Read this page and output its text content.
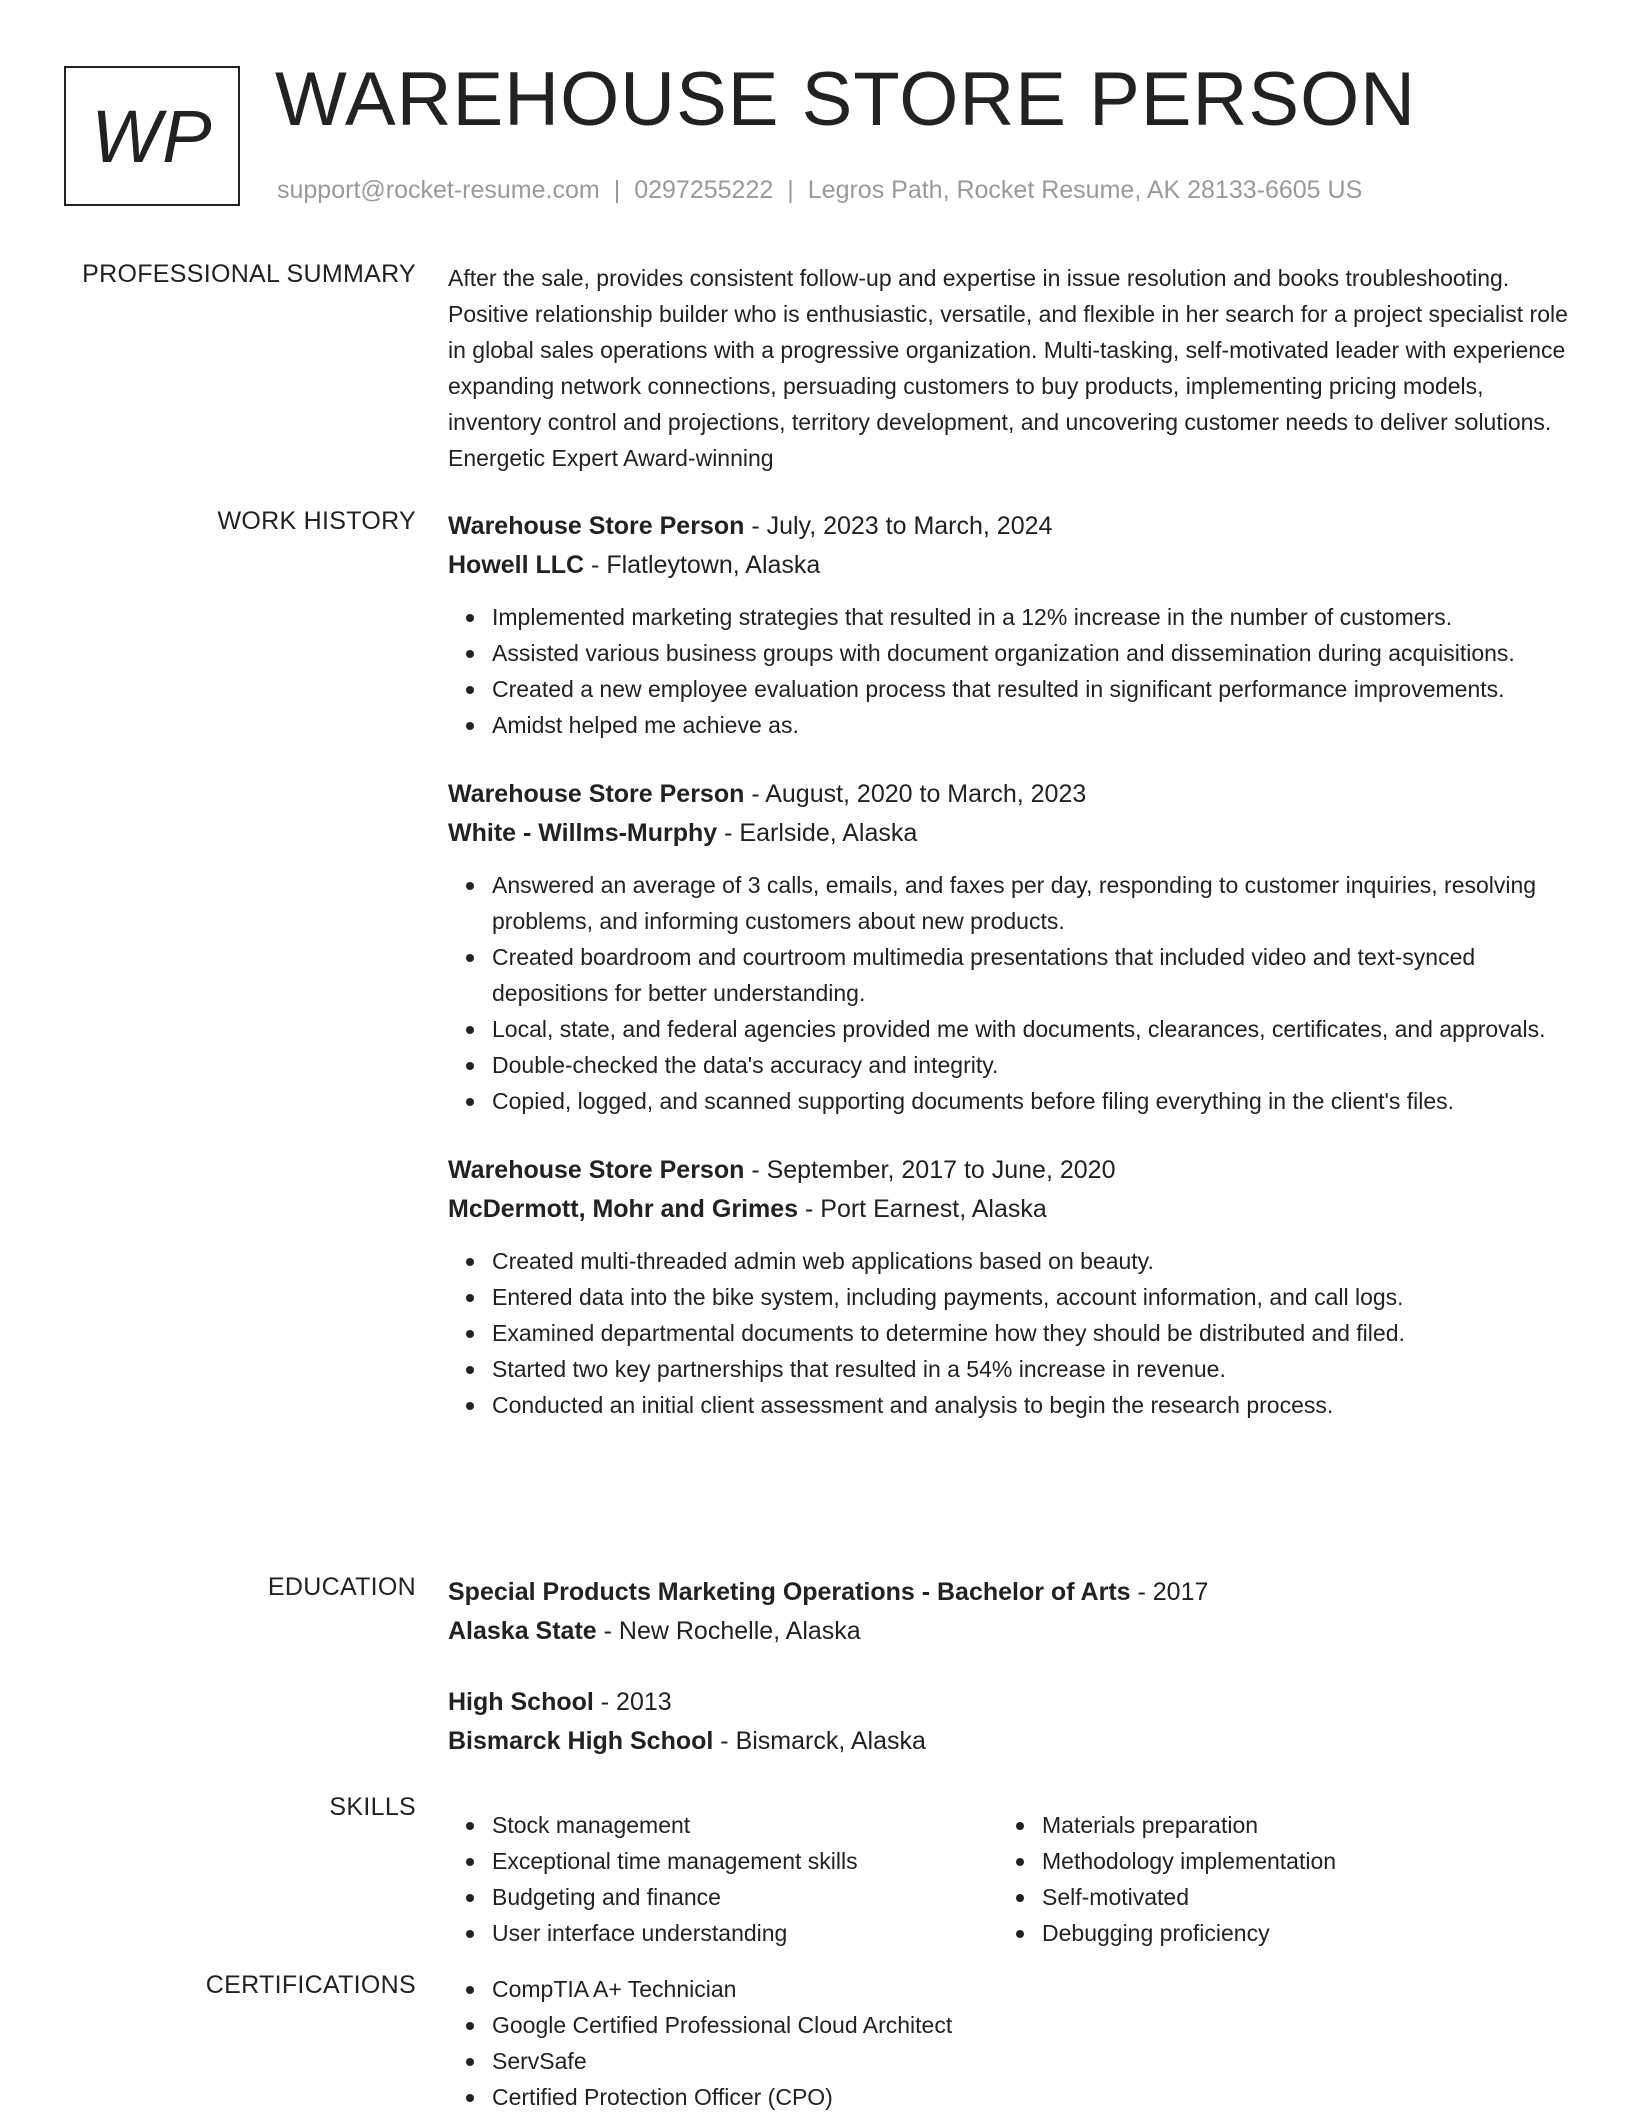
WP WAREHOUSE STORE PERSON
support@rocket-resume.com | 0297255222 | Legros Path, Rocket Resume, AK 28133-6605 US
PROFESSIONAL SUMMARY After the sale, provides consistent follow-up and expertise in issue resolution and books troubleshooting. Positive relationship builder who is enthusiastic, versatile, and flexible in her search for a project specialist role in global sales operations with a progressive organization. Multi-tasking, self-motivated leader with experience expanding network connections, persuading customers to buy products, implementing pricing models, inventory control and projections, territory development, and uncovering customer needs to deliver solutions. Energetic Expert Award-winning

WORK HISTORY Warehouse Store Person - July, 2023 to March, 2024
Howell LLC - Flatleytown, Alaska
Implemented marketing strategies that resulted in a 12% increase in the number of customers.
Assisted various business groups with document organization and dissemination during acquisitions.
Created a new employee evaluation process that resulted in significant performance improvements.
Amidst helped me achieve as.
Warehouse Store Person - August, 2020 to March, 2023
White - Willms-Murphy - Earlside, Alaska
Answered an average of 3 calls, emails, and faxes per day, responding to customer inquiries, resolving problems, and informing customers about new products.
Created boardroom and courtroom multimedia presentations that included video and text-synced depositions for better understanding.
Local, state, and federal agencies provided me with documents, clearances, certificates, and approvals.
Double-checked the data's accuracy and integrity.
Copied, logged, and scanned supporting documents before filing everything in the client's files.
Warehouse Store Person - September, 2017 to June, 2020
McDermott, Mohr and Grimes - Port Earnest, Alaska
Created multi-threaded admin web applications based on beauty.
Entered data into the bike system, including payments, account information, and call logs.
Examined departmental documents to determine how they should be distributed and filed.
Started two key partnerships that resulted in a 54% increase in revenue.
Conducted an initial client assessment and analysis to begin the research process.
EDUCATION Special Products Marketing Operations - Bachelor of Arts - 2017
Alaska State - New Rochelle, Alaska
High School - 2013
Bismarck High School - Bismarck, Alaska
SKILLS
Stock management
Exceptional time management skills
Budgeting and finance
User interface understanding
Materials preparation
Methodology implementation
Self-motivated
Debugging proficiency
CERTIFICATIONS	CompTIA A+ Technician
Google Certified Professional Cloud Architect
ServSafe
Certified Protection Officer (CPO)
